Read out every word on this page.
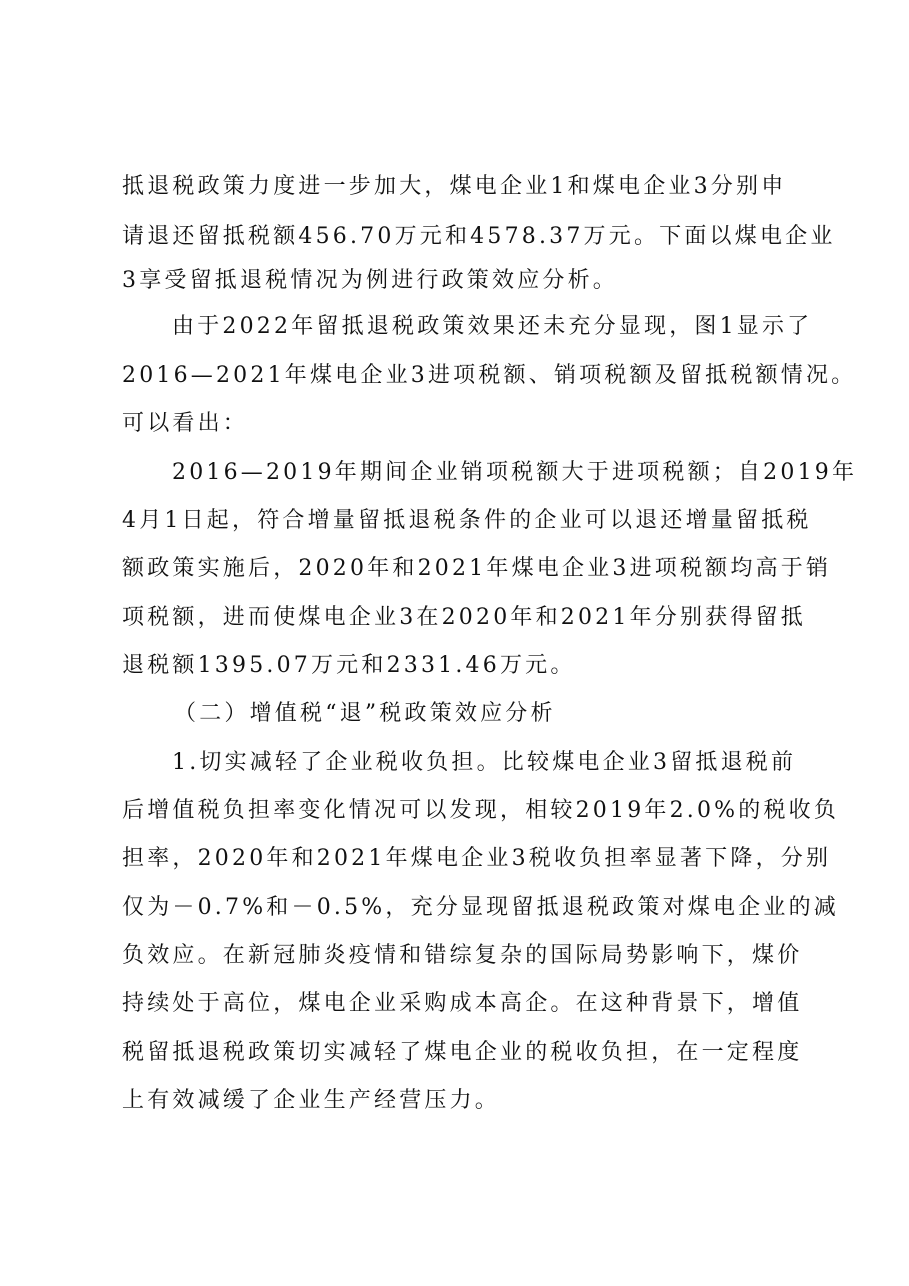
抵退税政策力度进一步加大，煤电企业1和煤电企业3分别申
请退还留抵税额456.70万元和4578.37万元。下面以煤电企业
3享受留抵退税情况为例进行政策效应分析。
由于2022年留抵退税政策效果还未充分显现，图1显示了
2016—2021年煤电企业3进项税额、销项税额及留抵税额情况。
可以看出：
2016—2019年期间企业销项税额大于进项税额；自2019年
4月1日起，符合增量留抵退税条件的企业可以退还增量留抵税
额政策实施后，2020年和2021年煤电企业3进项税额均高于销
项税额，进而使煤电企业3在2020年和2021年分别获得留抵
退税额1395.07万元和2331.46万元。
（二）增值税“退”税政策效应分析
1.切实减轻了企业税收负担。比较煤电企业3留抵退税前
后增值税负担率变化情况可以发现，相较2019年2.0%的税收负
担率，2020年和2021年煤电企业3税收负担率显著下降，分别
仅为－0.7%和－0.5%，充分显现留抵退税政策对煤电企业的减
负效应。在新冠肺炎疫情和错综复杂的国际局势影响下，煤价
持续处于高位，煤电企业采购成本高企。在这种背景下，增值
税留抵退税政策切实减轻了煤电企业的税收负担，在一定程度
上有效减缓了企业生产经营压力。
